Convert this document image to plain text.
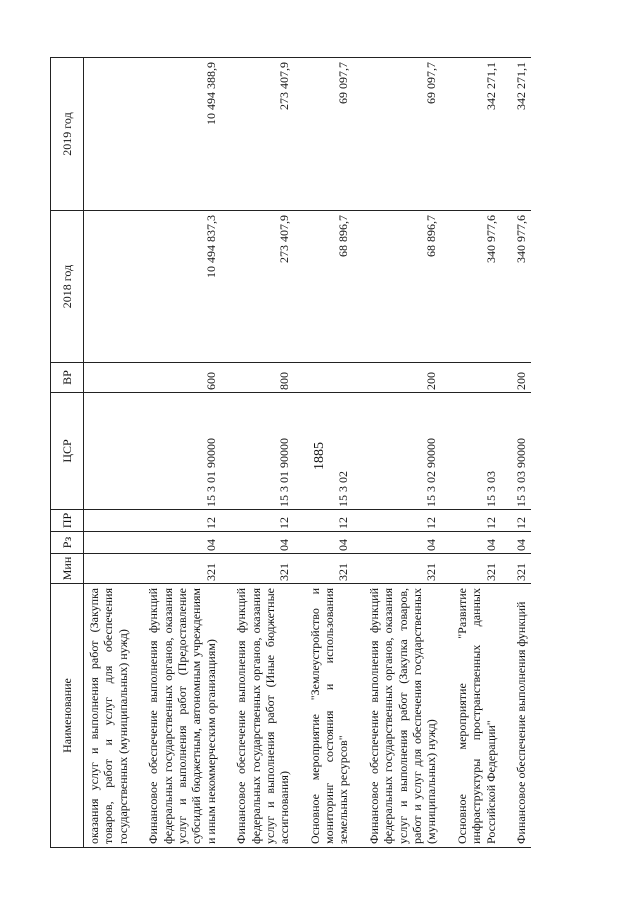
1885
Наименование	Мин	Рз	ПР	ЦСР	ВР	2018 год	2019 год
оказания услуг и выполнения работ (Закупка товаров, работ и услуг для обеспечения государственных (муниципальных) нужд)							

Финансовое обеспечение выполнения функций федеральных государственных органов, оказания услуг и выполнения работ (Предоставление субсидий бюджетным, автономным учреждениям и иным некоммерческим организациям)	321	04	12	15 3 01 90000	600	10 494 837,3	10 494 388,9

Финансовое обеспечение выполнения функций федеральных государственных органов, оказания услуг и выполнения работ (Иные бюджетные ассигнования)	321	04	12	15 3 01 90000	800	273 407,9	273 407,9

Основное мероприятие "Землеустройство и мониторинг состояния и использования земельных ресурсов"	321	04	12	15 3 02		68 896,7	69 097,7

Финансовое обеспечение выполнения функций федеральных государственных органов, оказания услуг и выполнения работ (Закупка товаров, работ и услуг для обеспечения государственных (муниципальных) нужд)	321	04	12	15 3 02 90000	200	68 896,7	69 097,7

Основное мероприятие "Развитие инфраструктуры пространственных данных Российской Федерации"	321	04	12	15 3 03		340 977,6	342 271,1

Финансовое обеспечение выполнения функций	321	04	12	15 3 03 90000	200	340 977,6	342 271,1
